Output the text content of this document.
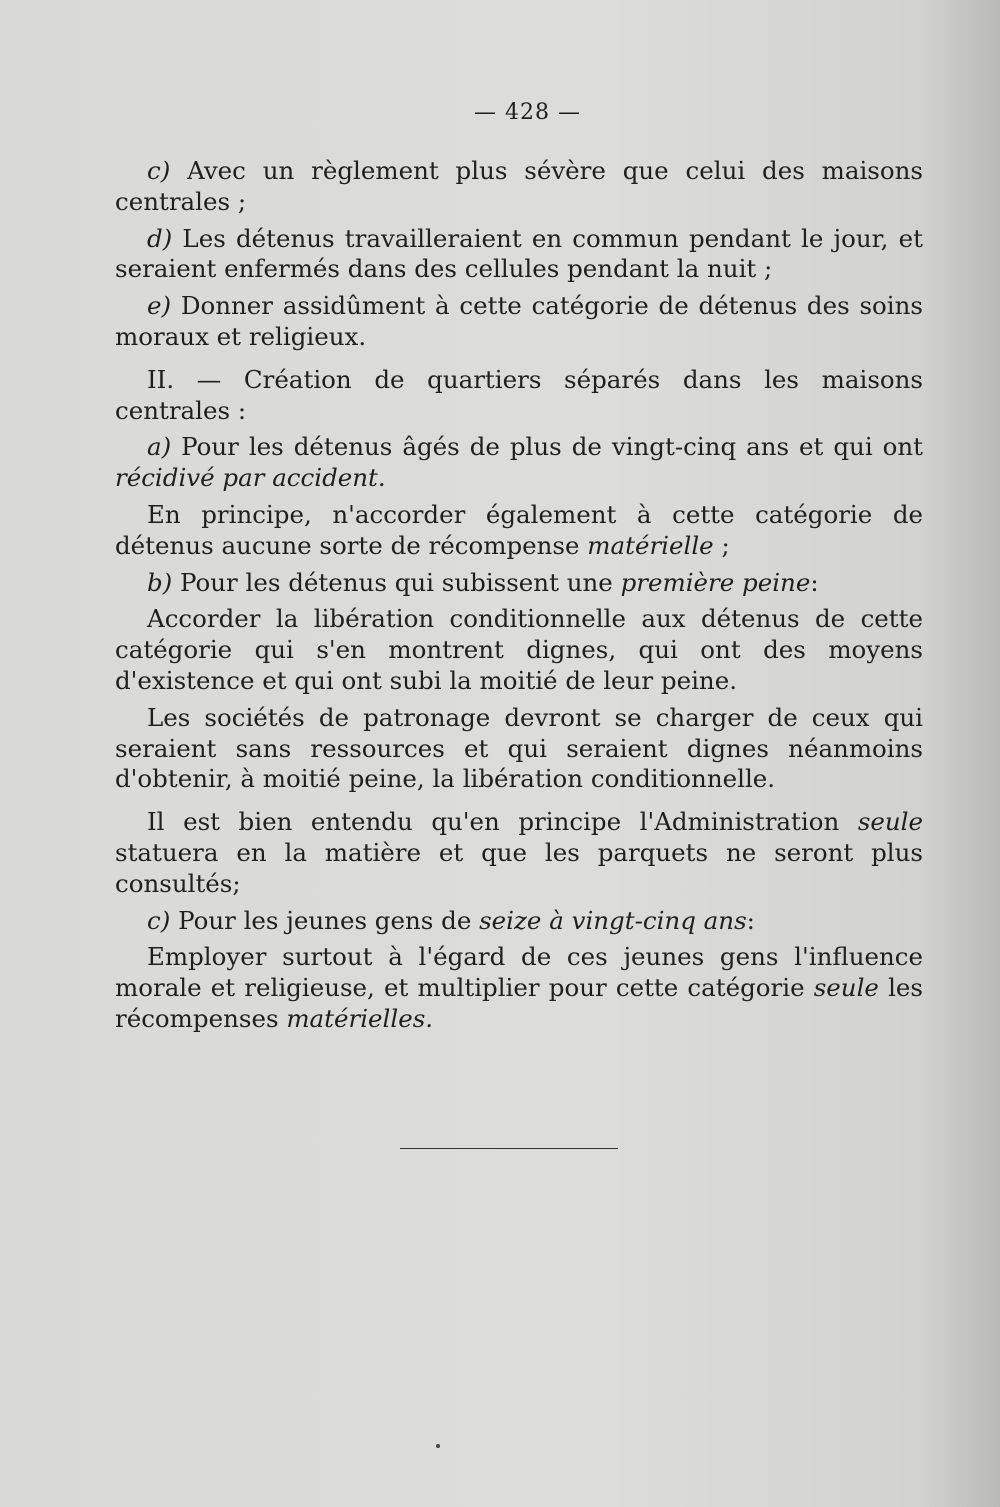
— 428 —

c) Avec un règlement plus sévère que celui des maisons centrales ;

d) Les détenus travailleraient en commun pendant le jour, et seraient enfermés dans des cellules pendant la nuit ;

e) Donner assidûment à cette catégorie de détenus des soins moraux et religieux.

II. — Création de quartiers séparés dans les maisons centrales :

a) Pour les détenus âgés de plus de vingt-cinq ans et qui ont récidivé par accident.

En principe, n'accorder également à cette catégorie de détenus aucune sorte de récompense matérielle ;

b) Pour les détenus qui subissent une première peine:

Accorder la libération conditionnelle aux détenus de cette catégorie qui s'en montrent dignes, qui ont des moyens d'existence et qui ont subi la moitié de leur peine.

Les sociétés de patronage devront se charger de ceux qui seraient sans ressources et qui seraient dignes néanmoins d'obtenir, à moitié peine, la libération conditionnelle.

Il est bien entendu qu'en principe l'Administration seule statuera en la matière et que les parquets ne seront plus consultés;

c) Pour les jeunes gens de seize à vingt-cinq ans:

Employer surtout à l'égard de ces jeunes gens l'influence morale et religieuse, et multiplier pour cette catégorie seule les récompenses matérielles.
